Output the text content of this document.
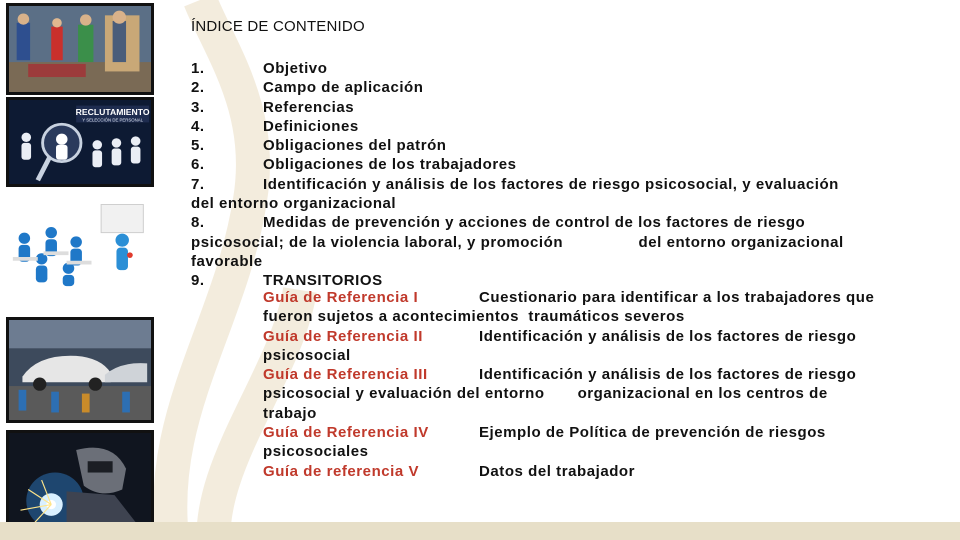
RECLUTAMIENTO
Y SELECCIÓN DE PERSONAL
ÍNDICE DE CONTENIDO
1.	Objetivo
2.	Campo de aplicación
3.	Referencias
4.	Definiciones
5.	Obligaciones del patrón
6.	Obligaciones de los trabajadores
7.	Identificación y análisis de los factores de riesgo psicosocial, y evaluación
del entorno organizacional
8.	Medidas de prevención y acciones de control de los factores de riesgo
psicosocial; de la violencia laboral, y promoción                del entorno organizacional
favorable
9.	TRANSITORIOS
Guía de Referencia I	Cuestionario para identificar a los trabajadores que
fueron sujetos a acontecimientos  traumáticos severos
Guía de Referencia II	Identificación y análisis de los factores de riesgo
psicosocial
Guía de Referencia III	Identificación y análisis de los factores de riesgo
psicosocial y evaluación del entorno       organizacional en los centros de
trabajo
Guía de Referencia IV	Ejemplo de Política de prevención de riesgos
psicosociales
Guía de referencia V	Datos del trabajador
